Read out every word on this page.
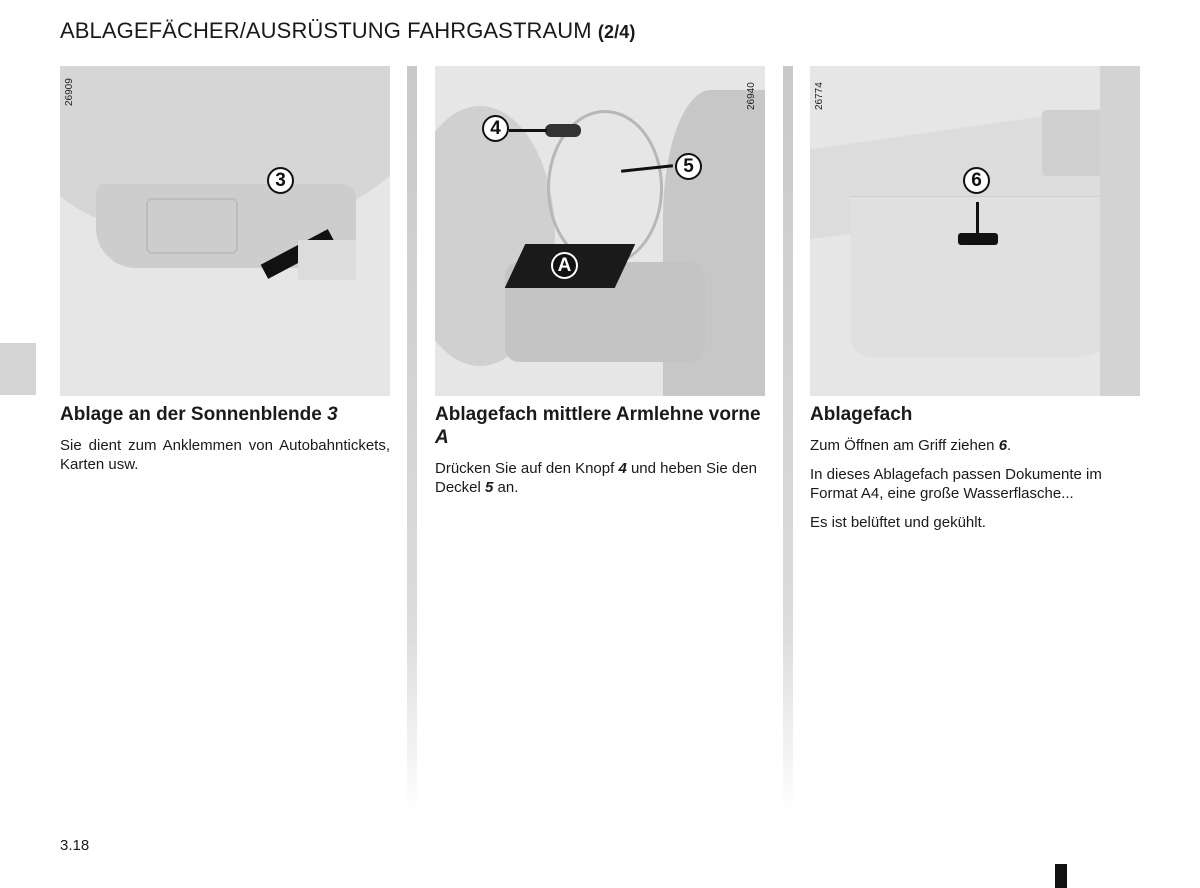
ABLAGEFÄCHER/AUSRÜSTUNG FAHRGASTRAUM (2/4)
26909
3
26940
4
5
A
26774
6
Ablage an der Sonnenblende 3

Sie dient zum Anklemmen von Autobahntickets, Karten usw.

Ablagefach mittlere Armlehne vorne A

Drücken Sie auf den Knopf 4 und heben Sie den Deckel 5 an.

Ablagefach

Zum Öffnen am Griff ziehen 6.

In dieses Ablagefach passen Dokumente im Format A4, eine große Wasserflasche...

Es ist belüftet und gekühlt.

3.18
